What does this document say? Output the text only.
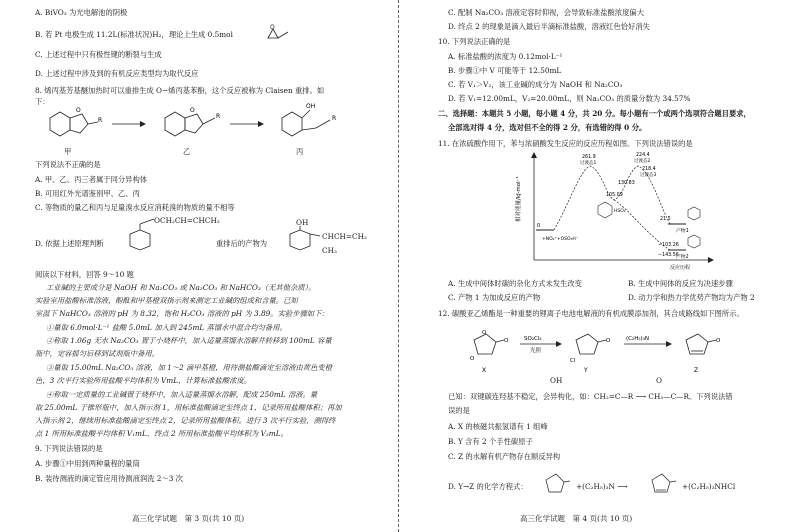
A. BiVO₃ 为光电解池的阴极
B. 若 Pt 电极生成 11.2L(标准状况)H₂，理论上生成 0.5mol
O
C. 上述过程中只有极性键的断裂与生成
D. 上述过程中涉及到的有机反应类型均为取代反应
8. 烯丙基芳基醚加热时可以重排生成 O−烯丙基苯酚，这个反应被称为 Claisen 重排。如
下：
O
R
O
R
OH
R
甲	乙	丙
下列说法不正确的是
A. 甲、乙、丙三者属于同分异构体
B. 可用红外光谱鉴别甲、乙、丙
C. 等物质的量乙和丙与足量溴水反应消耗溴的物质的量不相等
OCH₂CH=CHCH₃
D. 依据上述原理判断	重排后的产物为
OH
CHCH=CH₂
CH₃
阅读以下材料，回答 9～10 题
工业碱的主要成分是 NaOH 和 Na₂CO₃ 或 Na₂CO₃ 和 NaHCO₃（无其他杂质）。
实验室用盐酸标准溶液，酚酞和甲基橙双指示剂来测定工业碱的组成和含量。已知
室温下 NaHCO₃ 溶液的 pH 为 8.32，饱和 H₂CO₃ 溶液的 pH 为 3.89。实验步骤如下：
①量取 6.0mol·L⁻¹ 盐酸 5.0mL 加入到 245mL 蒸馏水中混合均匀备用。
②称取 1.06g 无水 Na₂CO₃ 置于小烧杯中，加入适量蒸馏水溶解并转移到 100mL 容量
瓶中，定容摇匀后移到试剂瓶中备用。
③量取 15.00mL Na₂CO₃ 溶液，加 1～2 滴甲基橙，用待测盐酸滴定至溶液由黄色变橙
色，3 次平行实验所用盐酸平均体积为 VmL，计算标准盐酸浓度。
④称取一定质量的工业碱置于烧杯中，加入适量蒸馏水溶解，配成 250mL 溶液。量
取 25.00mL 于锥形瓶中，加入指示剂 1，用标准盐酸滴定至终点 1，记录所用盐酸体积；再加
入指示剂 2，继续用标准盐酸滴定至终点 2，记录所用盐酸体积。进行 3 次平行实验，测得终
点 1 所用标准盐酸平均体积 V₁mL，终点 2 所用标准盐酸平均体积为 V₂mL。
9. 下列说法错误的是
A. 步骤①中用到两种量程的量筒
B. 装待测液的滴定管应用待测液润洗 2～3 次
高三化学试题　第 3 页(共 10 页)
C. 配制 Na₂CO₃ 溶液定容时仰视，会导致标准盐酸浓度偏大
D. 终点 2 的现象是滴入最后半滴标准盐酸，溶液红色恰好消失
10. 下列说法正确的是
A. 标准盐酸的浓度为 0.12mol·L⁻¹
B. 步骤①中 V 可能等于 12.50mL
C. 若 V₁＞V₂，该工业碱的成分为 NaOH 和 Na₂CO₃
D. 若 V₁=12.00mL，V₂=20.00mL，则 Na₂CO₃ 的质量分数为 34.57%
二、选择题：本题共 5 小题，每小题 4 分，共 20 分。每小题有一个或两个选项符合题目要求，
全部选对得 4 分，选对但不全的得 2 分，有选错的得 0 分。
11. 在浓硫酸作用下，苯与浓硝酸发生反应的反应历程如图。下列说法错误的是
相对能量/kJ·mol⁻¹
反应历程
0
+NO₂⁺+OSO₃H⁻
261.9
过渡态1
224.4
过渡态2
218.4
过渡态3
130.83
105.09
HSO₄⁻
21.5
产物1
−103.26
−143.56
产物2
A. 生成中间体时碳的杂化方式未发生改变	B. 生成中间体的反应为决速步骤
C. 产物 1 为加成反应的产物	D. 动力学和热力学优势产物均为产物 2
12. 碳酸亚乙烯酯是一种重要的锂离子电池电解液的有机成膜添加剂，其合成路线如下图所示。
O
O
O
SO₂Cl₂
光照
O
Cl
(C₂H₅)₃N	O
X	Y	Z
OH	O
已知：双键碳连羟基不稳定，会异构化，如：CH₂=C—R ⟶ CH₃—C—R。下列说法错
误的是
A. X 的核磁共振氢谱有 1 组峰
B. Y 含有 2 个手性碳原子
C. Z 的水解有机产物存在顺反异构
D. Y→Z 的化学方程式：	+(C₂H₅)₃N ⟶	+(C₂H₅)₃NHCl
高三化学试题　第 4 页(共 10 页)
